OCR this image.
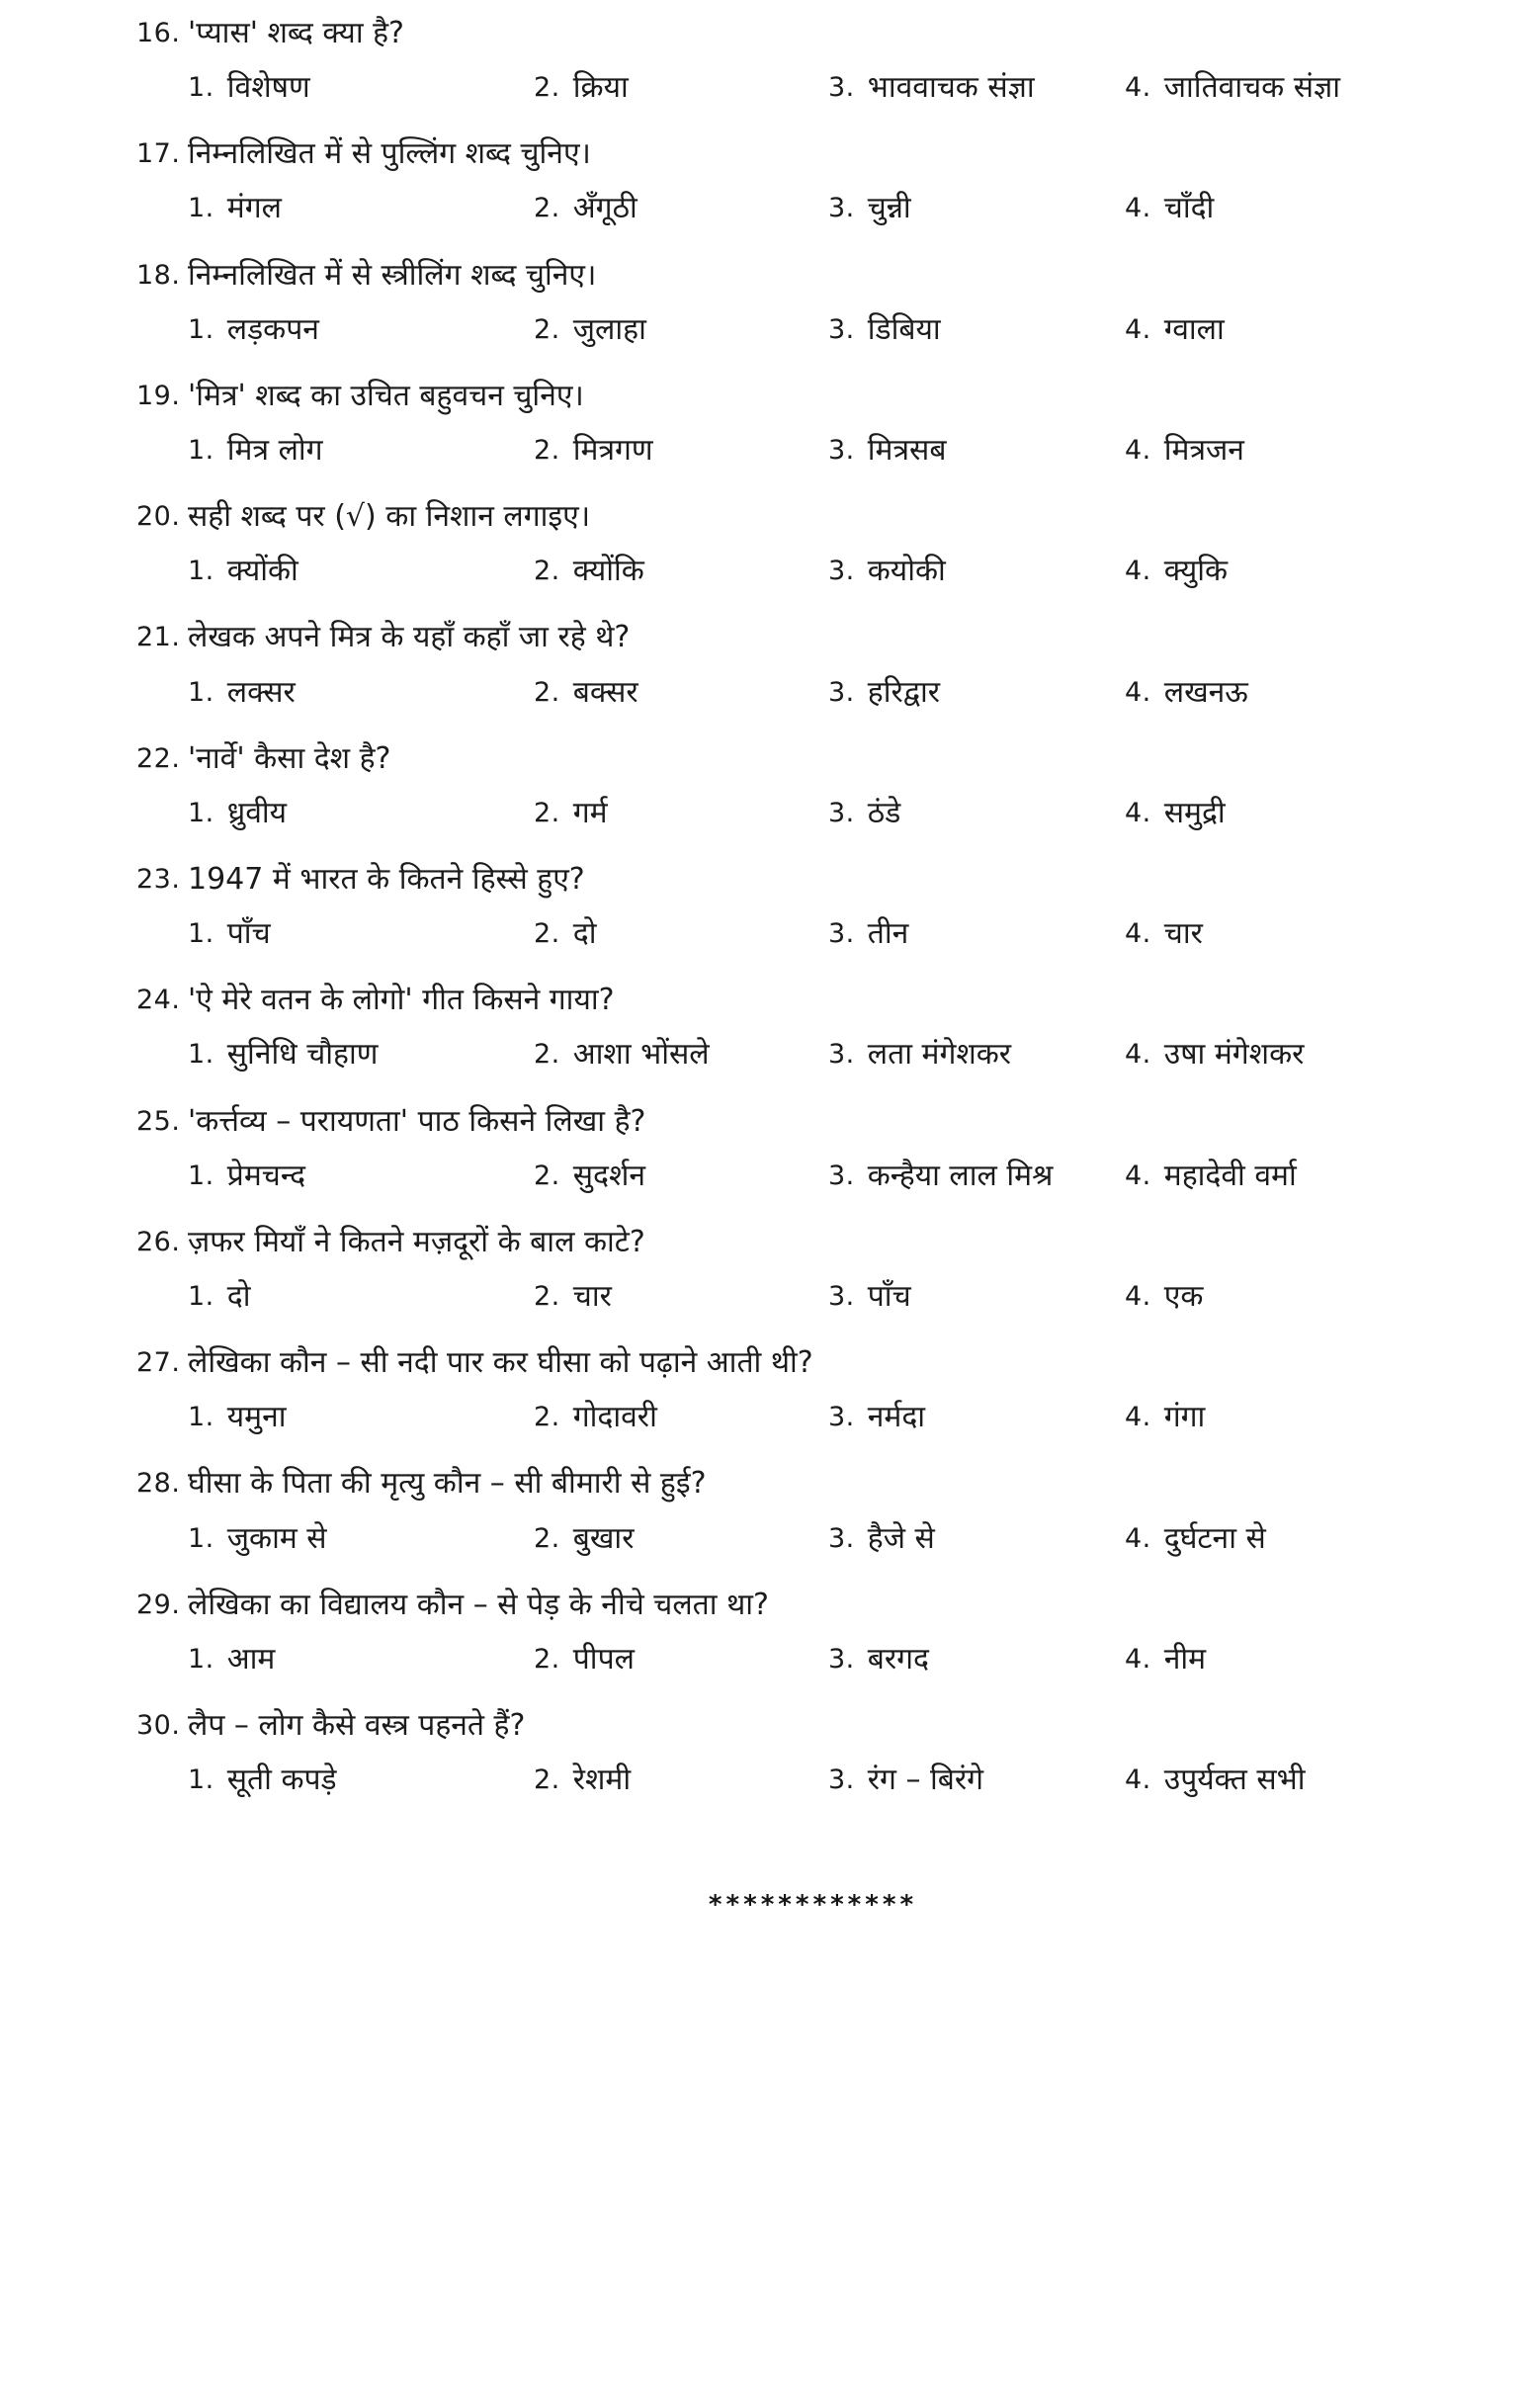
16. 'प्यास' शब्द क्या है?
1. विशेषण	2. क्रिया	3. भाववाचक संज्ञा	4. जातिवाचक संज्ञा
17. निम्नलिखित में से पुल्लिंग शब्द चुनिए।
1. मंगल	2. अँगूठी	3. चुन्नी	4. चाँदी
18. निम्नलिखित में से स्त्रीलिंग शब्द चुनिए।
1. लड़कपन	2. जुलाहा	3. डिबिया	4. ग्वाला
19. 'मित्र' शब्द का उचित बहुवचन चुनिए।
1. मित्र लोग	2. मित्रगण	3. मित्रसब	4. मित्रजन
20. सही शब्द पर (√) का निशान लगाइए।
1. क्योंकी	2. क्योंकि	3. कयोकी	4. क्युकि
21. लेखक अपने मित्र के यहाँ कहाँ जा रहे थे?
1. लक्सर	2. बक्सर	3. हरिद्वार	4. लखनऊ
22. 'नार्वे' कैसा देश है?
1. ध्रुवीय	2. गर्म	3. ठंडे	4. समुद्री
23. 1947 में भारत के कितने हिस्से हुए?
1. पाँच	2. दो	3. तीन	4. चार
24. 'ऐ मेरे वतन के लोगो' गीत किसने गाया?
1. सुनिधि चौहाण	2. आशा भोंसले	3. लता मंगेशकर	4. उषा मंगेशकर
25. 'कर्त्तव्य – परायणता' पाठ किसने लिखा है?
1. प्रेमचन्द	2. सुदर्शन	3. कन्हैया लाल मिश्र	4. महादेवी वर्मा
26. ज़फर मियाँ ने कितने मज़दूरों के बाल काटे?
1. दो	2. चार	3. पाँच	4. एक
27. लेखिका कौन – सी नदी पार कर घीसा को पढ़ाने आती थी?
1. यमुना	2. गोदावरी	3. नर्मदा	4. गंगा
28. घीसा के पिता की मृत्यु कौन – सी बीमारी से हुई?
1. जुकाम से	2. बुखार	3. हैजे से	4. दुर्घटना से
29. लेखिका का विद्यालय कौन – से पेड़ के नीचे चलता था?
1. आम	2. पीपल	3. बरगद	4. नीम
30. लैप – लोग कैसे वस्त्र पहनते हैं?
1. सूती कपड़े	2. रेशमी	3. रंग – बिरंगे	4. उपुर्यक्त सभी
************
